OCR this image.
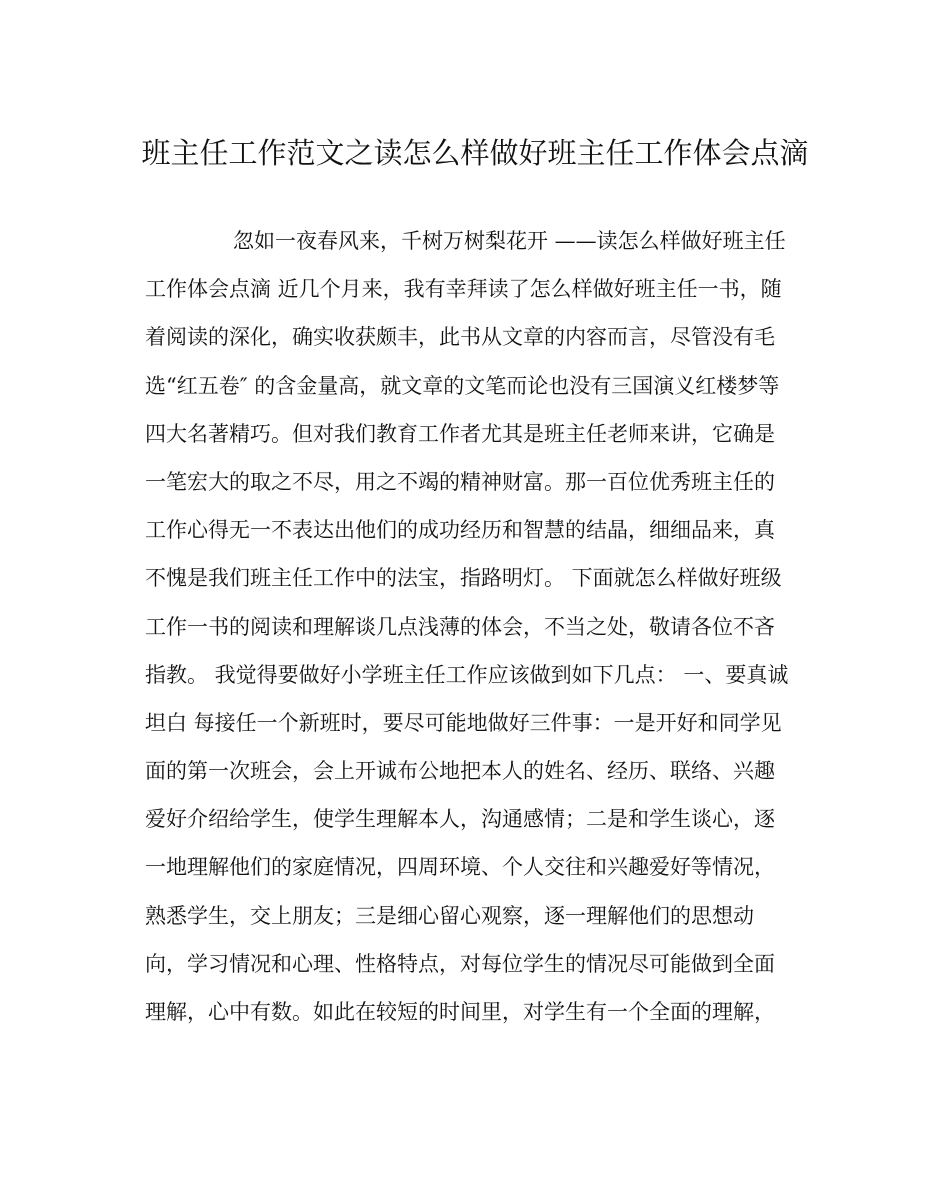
班主任工作范文之读怎么样做好班主任工作体会点滴
忽如一夜春风来，千树万树梨花开 ——读怎么样做好班主任
工作体会点滴 近几个月来，我有幸拜读了怎么样做好班主任一书，随
着阅读的深化，确实收获颇丰，此书从文章的内容而言，尽管没有毛
选“红五卷″ 的含金量高，就文章的文笔而论也没有三国演义红楼梦等
四大名著精巧。但对我们教育工作者尤其是班主任老师来讲，它确是
一笔宏大的取之不尽，用之不竭的精神财富。那一百位优秀班主任的
工作心得无一不表达出他们的成功经历和智慧的结晶，细细品来，真
不愧是我们班主任工作中的法宝，指路明灯。 下面就怎么样做好班级
工作一书的阅读和理解谈几点浅薄的体会，不当之处，敬请各位不吝
指教。 我觉得要做好小学班主任工作应该做到如下几点： 一、要真诚
坦白 每接任一个新班时，要尽可能地做好三件事：一是开好和同学见
面的第一次班会，会上开诚布公地把本人的姓名、经历、联络、兴趣
爱好介绍给学生，使学生理解本人，沟通感情；二是和学生谈心，逐
一地理解他们的家庭情况，四周环境、个人交往和兴趣爱好等情况，
熟悉学生，交上朋友；三是细心留心观察，逐一理解他们的思想动
向，学习情况和心理、性格特点，对每位学生的情况尽可能做到全面
理解，心中有数。如此在较短的时间里，对学生有一个全面的理解，
